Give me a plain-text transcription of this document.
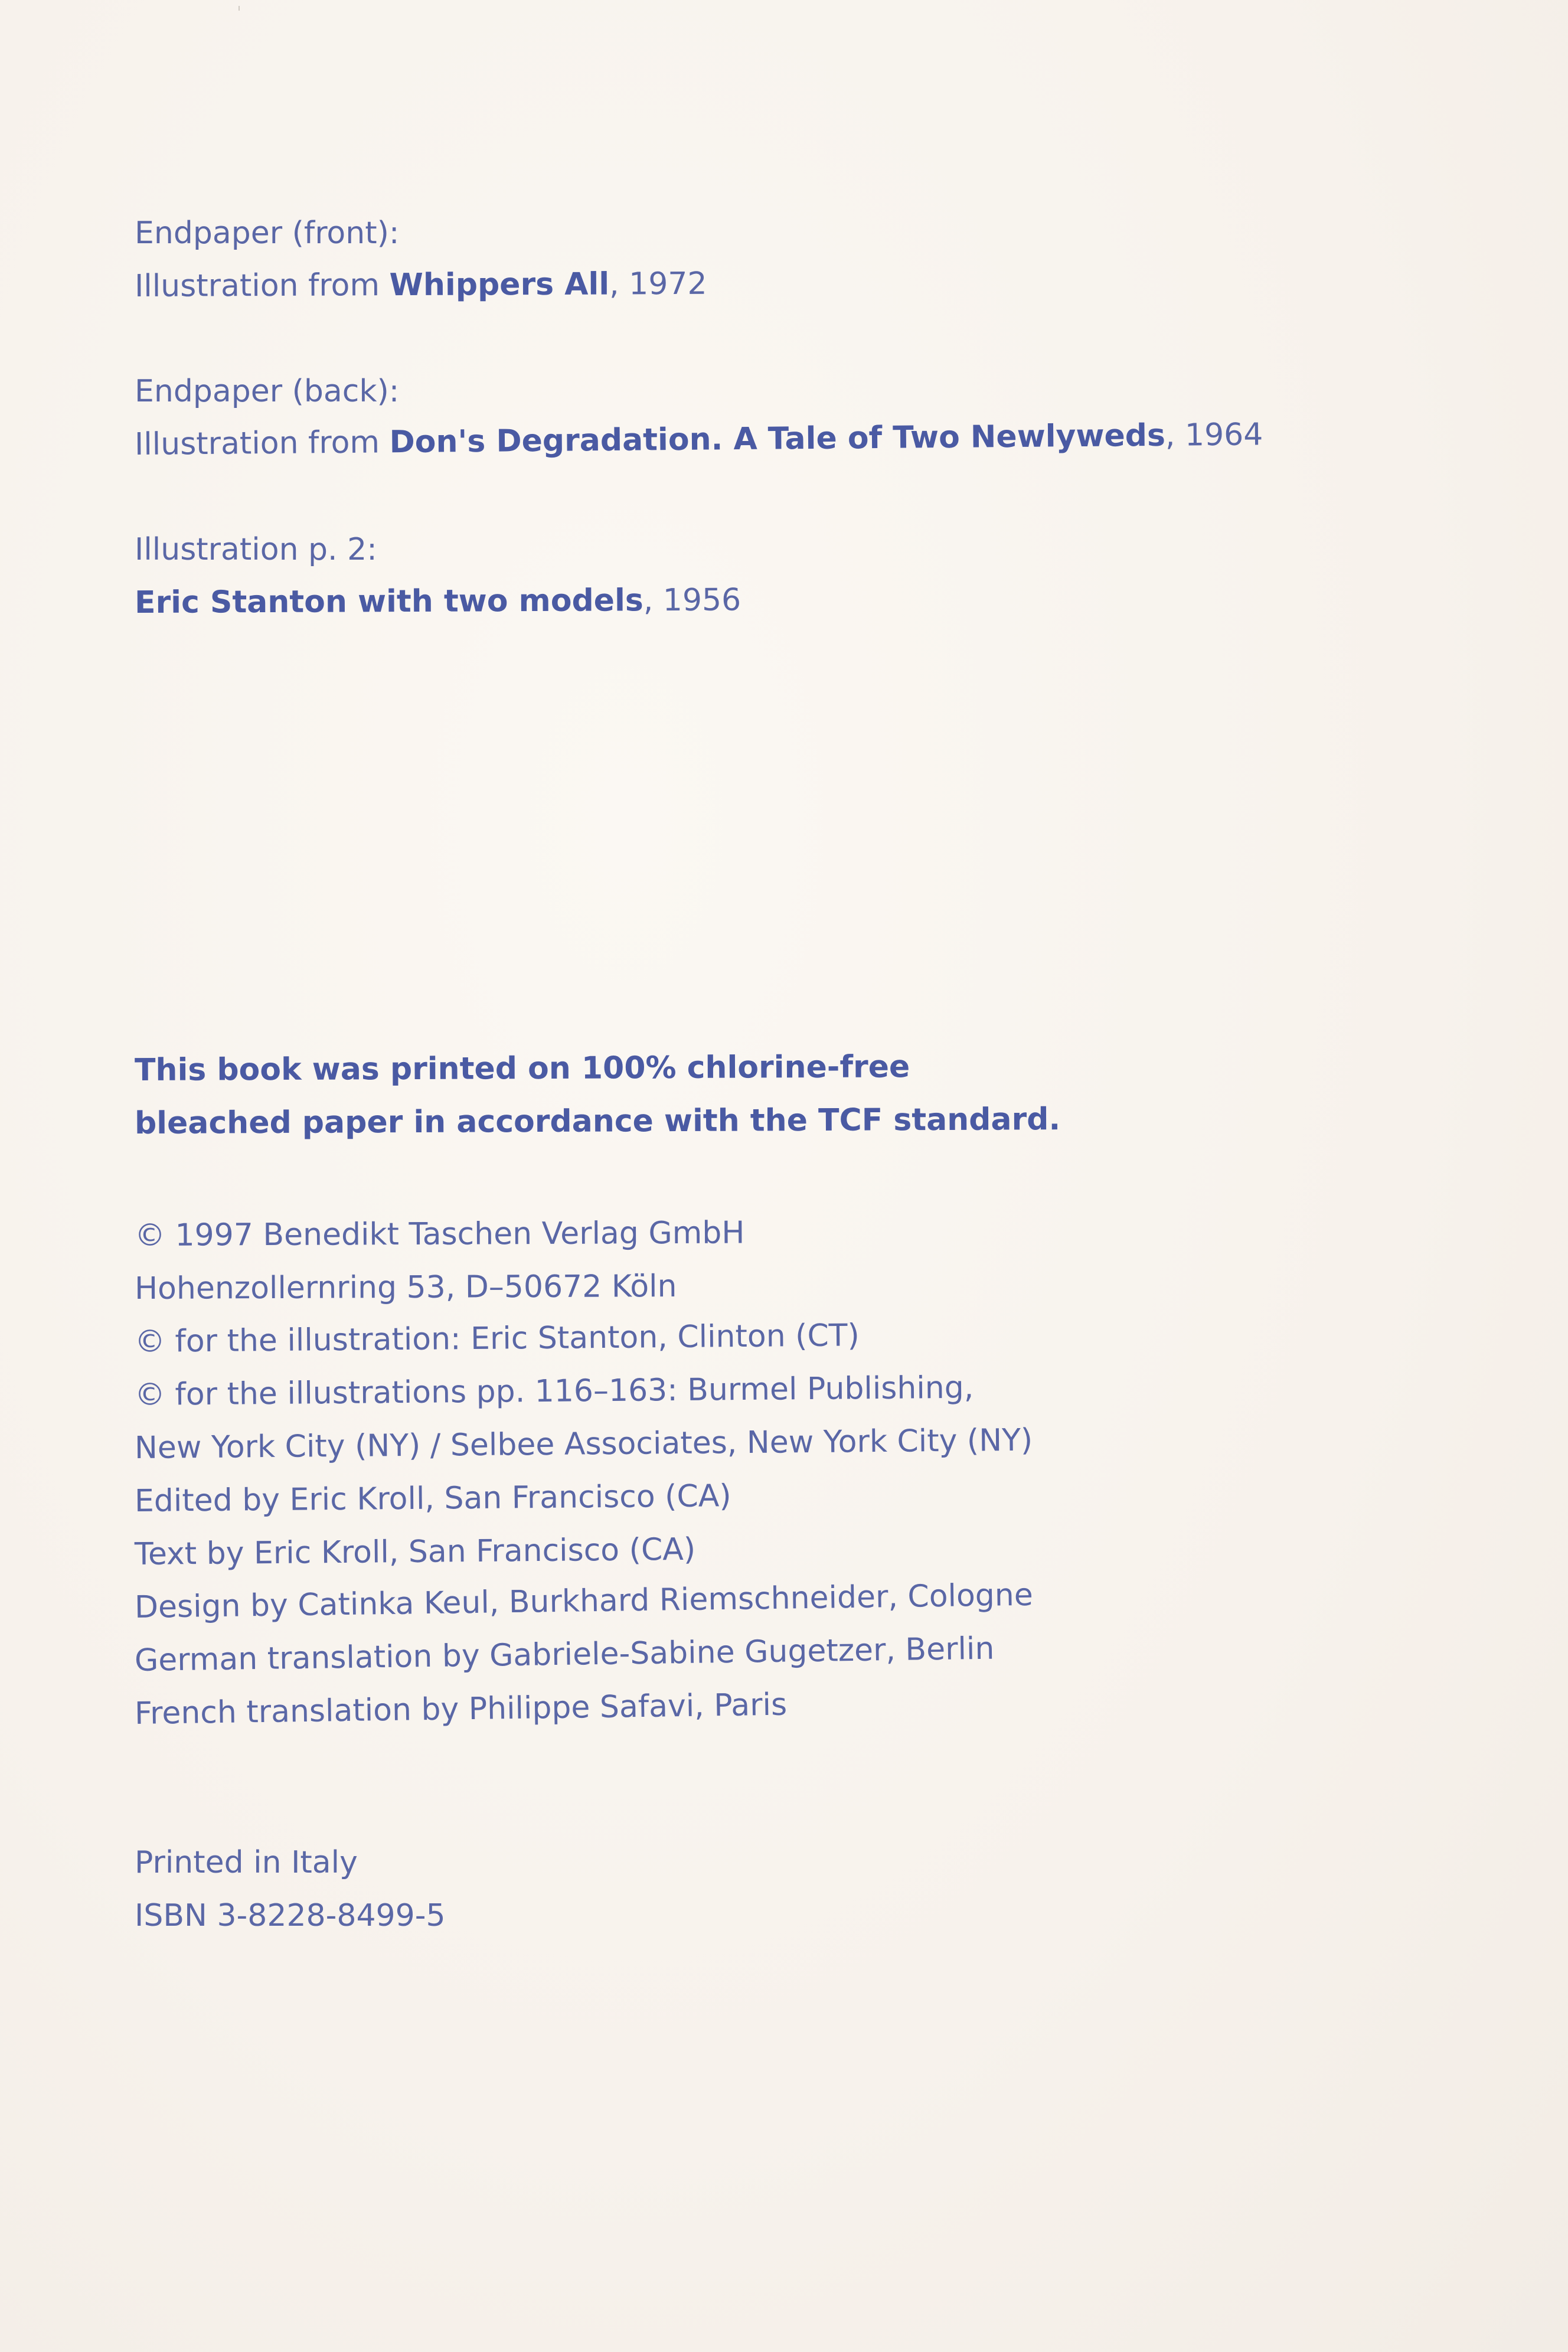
Endpaper (front):
Illustration from Whippers All, 1972
Endpaper (back):
Illustration from Don's Degradation. A Tale of Two Newlyweds, 1964
Illustration p. 2:
Eric Stanton with two models, 1956
This book was printed on 100% chlorine-free
bleached paper in accordance with the TCF standard.
© 1997 Benedikt Taschen Verlag GmbH
Hohenzollernring 53, D–50672 Köln
© for the illustration: Eric Stanton, Clinton (CT)
© for the illustrations pp. 116–163: Burmel Publishing,
New York City (NY) / Selbee Associates, New York City (NY)
Edited by Eric Kroll, San Francisco (CA)
Text by Eric Kroll, San Francisco (CA)
Design by Catinka Keul, Burkhard Riemschneider, Cologne
German translation by Gabriele-Sabine Gugetzer, Berlin
French translation by Philippe Safavi, Paris
Printed in Italy
ISBN 3-8228-8499-5
